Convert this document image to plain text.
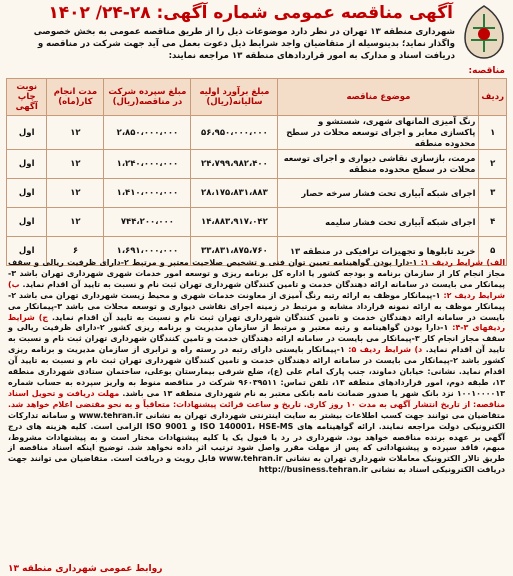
آگهی مناقصه عمومی شماره آگهی: ۲۸-۲۴/ ۱۴۰۲
شهرداری منطقه ۱۳ تهران در نظر دارد موضوعات ذیل را از طریق مناقصه عمومی به بخش خصوصی واگذار نماید؛ بدینوسیله از متقاضیان واجد شرایط ذیل دعوت بعمل می آید جهت شرکت در مناقصه و دریافت اسناد و مدارک به امور قراردادهای منطقه ۱۳ مراجعه نمایند:
مناقصه:
ردیف	موضوع مناقصه	مبلغ برآورد اولیه سالیانه(ریال)	مبلغ سپرده شرکت در مناقصه(ریال)	مدت انجام کار(ماه)	نوبت چاپ آگهی
۱	رنگ آمیزی المانهای شهری، شستشو و پاکسازی معابر و اجرای توسعه محلات در سطح محدوده منطقه	۵۶،۹۵۰،۰۰۰،۰۰۰	۲،۸۵۰،۰۰۰،۰۰۰	۱۲	اول
۲	مرمت، بازسازی نقاشی دیواری و اجرای توسعه محلات در سطح محدوده منطقه	۲۴،۷۹۹،۹۸۲،۴۰۰	۱،۲۴۰،۰۰۰،۰۰۰	۱۲	اول
۳	اجرای شبکه آبیاری تحت فشار سرخه حصار	۲۸،۱۷۵،۸۳۱،۸۸۳	۱،۴۱۰،۰۰۰،۰۰۰	۱۲	اول
۴	اجرای شبکه آبیاری تحت فشار سلیمه	۱۴،۸۸۳،۹۱۷،۰۴۲	۷۴۴،۲۰۰،۰۰۰	۱۲	اول
۵	خرید تابلوها و تجهیزات ترافیکی در منطقه ۱۳	۳۳،۸۳۱،۸۷۵،۷۶۰	۱،۶۹۱،۰۰۰،۰۰۰	۶	اول
الف) شرایط ردیف ۱: ۱-دارا بودن گواهینامه تعیین توان فنی و تشخیص صلاحیت معتبر و مرتبط ۲-دارای ظرفیت ریالی و سقف مجاز انجام کار از سازمان برنامه و بودجه کشور یا اداره کل برنامه ریزی و توسعه امور خدمات شهری شهرداری تهران باشد ۳-پیمانکار می بایست در سامانه ارائه دهندگان خدمت و تامین کنندگان شهرداری تهران ثبت نام و نسبت به تایید آن اقدام نماید. ب) شرایط ردیف ۲: ۱-پیمانکار موظف به ارائه رتبه رنگ آمیزی از معاونت خدمات شهری و محیط زیست شهرداری تهران می باشد ۲-پیمانکار موظف به ارائه نمونه قرارداد مشابه و مرتبط در زمینه اجرای نقاشی دیواری و توسعه محلات می باشد ۳-پیمانکار می بایست در سامانه ارائه دهندگان خدمت و تامین کنندگان شهرداری تهران ثبت نام و نسبت به تایید آن اقدام نماید. ج) شرایط ردیفهای ۳-۴: ۱-دارا بودن گواهینامه و رتبه معتبر و مرتبط از سازمان مدیریت و برنامه ریزی کشور ۲-دارای ظرفیت ریالی و سقف مجاز انجام کار ۳-پیمانکار می بایست در سامانه ارائه دهندگان خدمت و تامین کنندگان شهرداری تهران ثبت نام و نسبت به تایید آن اقدام نماید. د) شرایط ردیف ۵: ۱-پیمانکار بایستی دارای رتبه در رسته راه و ترابری از سازمان مدیریت و برنامه ریزی کشور باشد ۲-پیمانکار می بایست در سامانه ارائه دهندگان خدمت و تامین کنندگان شهرداری تهران ثبت نام و نسبت به تایید آن اقدام نماید. نشانی: خیابان دماوند، جنب پارک امام علی (ع)، ضلع شرقی بیمارستان بوعلی، ساختمان ستادی شهرداری منطقه ۱۳، طبقه دوم، امور قراردادهای منطقه ۱۳، تلفن تماس: ۹۶۰۳۹۵۱۱ شرکت در مناقصه منوط به واریز سپرده به حساب شماره ۱۰۰۱۰۰۰۰۱۳ نزد بانک شهر یا صدور ضمانت نامه بانکی معتبر به نام شهرداری منطقه ۱۳ می باشد. مهلت دریافت و تحویل اسناد مناقصه: از تاریخ انتشار آگهی به مدت ۱۰ روز کاری. تاریخ و ساعت قرائت پیشنهادات: متعاقباً و به نحو مقتضی اعلام خواهد شد. متقاضیان می توانند جهت کسب اطلاعات بیشتر به سایت اینترنتی شهرداری تهران به نشانی www.tehran.ir و سامانه تدارکات الکترونیکی دولت مراجعه نمایند. ارائه گواهینامه های ISO 140001، HSE-MS و ISO 9001 الزامی است. کلیه هزینه های درج آگهی بر عهده برنده مناقصه خواهد بود. شهرداری در رد یا قبول یک یا کلیه پیشنهادات مختار است و به پیشنهادات مشروط، مبهم، فاقد سپرده و پیشنهاداتی که پس از مهلت مقرر واصل شود ترتیب اثر داده نخواهد شد. توضیح اینکه اسناد مناقصه از طریق تالار الکترونیک معاملات شهرداری تهران به نشانی www.tehran.ir قابل رویت و دریافت است. متقاضیان می توانند جهت دریافت الکترونیکی اسناد به نشانی http://business.tehran.ir
روابط عمومی شهرداری منطقه ۱۳
